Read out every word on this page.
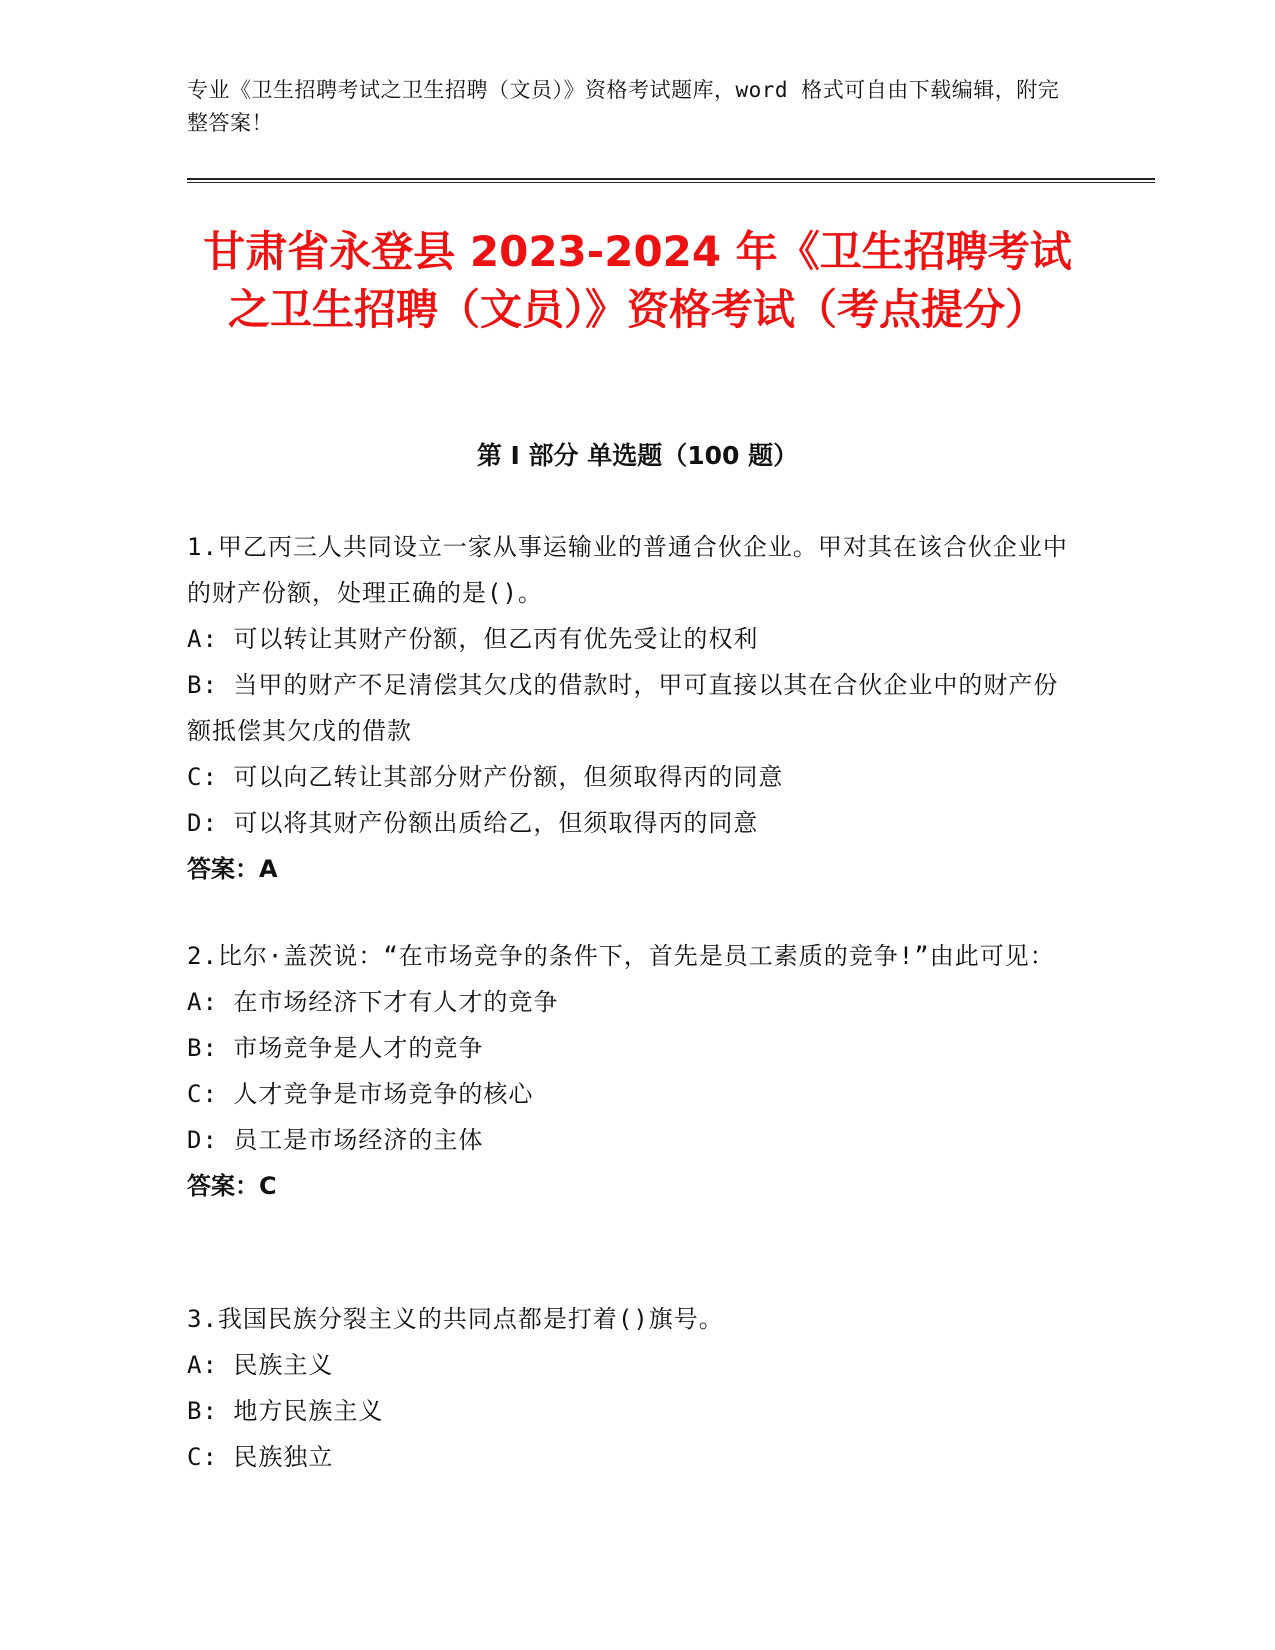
专业《卫生招聘考试之卫生招聘（文员）》资格考试题库，word 格式可自由下载编辑，附完整答案！

甘肃省永登县 2023-2024 年《卫生招聘考试之卫生招聘（文员）》资格考试（考点提分）
第 I 部分 单选题（100 题）

1.甲乙丙三人共同设立一家从事运输业的普通合伙企业。甲对其在该合伙企业中的财产份额，处理正确的是()。

A: 可以转让其财产份额，但乙丙有优先受让的权利

B: 当甲的财产不足清偿其欠戊的借款时，甲可直接以其在合伙企业中的财产份额抵偿其欠戊的借款

C: 可以向乙转让其部分财产份额，但须取得丙的同意

D: 可以将其财产份额出质给乙，但须取得丙的同意

答案：A

2.比尔·盖茨说：“在市场竞争的条件下，首先是员工素质的竞争!”由此可见：

A: 在市场经济下才有人才的竞争

B: 市场竞争是人才的竞争

C: 人才竞争是市场竞争的核心

D: 员工是市场经济的主体

答案：C

3.我国民族分裂主义的共同点都是打着()旗号。

A: 民族主义

B: 地方民族主义

C: 民族独立
